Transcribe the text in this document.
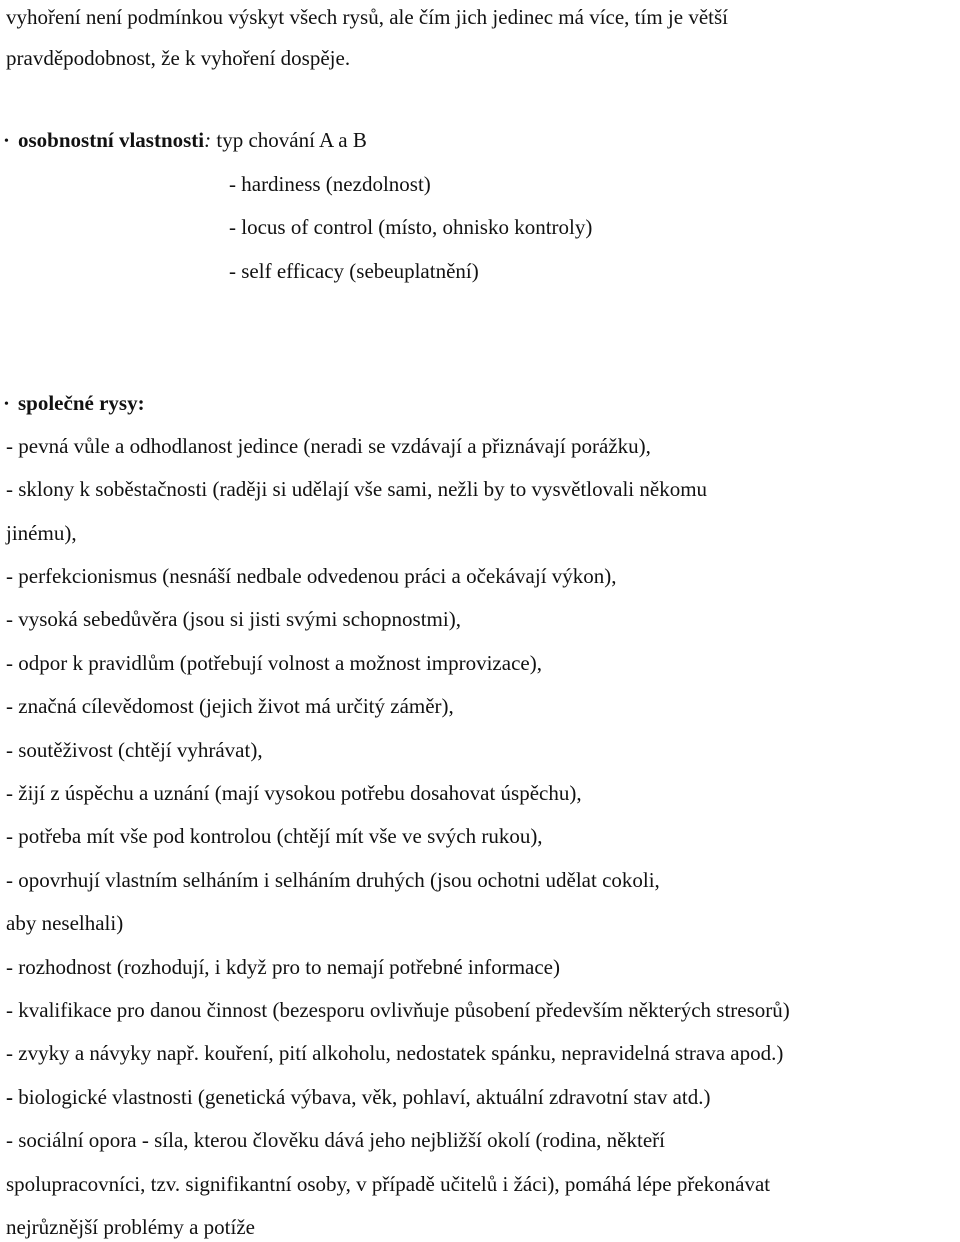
vyhoření není podmínkou výskyt všech rysů, ale čím jich jedinec má více, tím je větší
pravděpodobnost, že k vyhoření dospěje.
• osobnostní vlastnosti: typ chování A a B
- hardiness (nezdolnost)
- locus of control (místo, ohnisko kontroly)
- self efficacy (sebeuplatnění)
• společné rysy:
- pevná vůle a odhodlanost jedince (neradi se vzdávají a přiznávají porážku),
- sklony k soběstačnosti (raději si udělají vše sami, nežli by to vysvětlovali někomu
jinému),
- perfekcionismus (nesnáší nedbale odvedenou práci a očekávají výkon),
- vysoká sebedůvěra (jsou si jisti svými schopnostmi),
- odpor k pravidlům (potřebují volnost a možnost improvizace),
- značná cílevědomost (jejich život má určitý záměr),
- soutěživost (chtějí vyhrávat),
- žijí z úspěchu a uznání (mají vysokou potřebu dosahovat úspěchu),
- potřeba mít vše pod kontrolou (chtějí mít vše ve svých rukou),
- opovrhují vlastním selháním i selháním druhých (jsou ochotni udělat cokoli,
aby neselhali)
- rozhodnost (rozhodují, i když pro to nemají potřebné informace)
- kvalifikace pro danou činnost (bezesporu ovlivňuje působení především některých stresorů)
- zvyky a návyky např. kouření, pití alkoholu, nedostatek spánku, nepravidelná strava apod.)
- biologické vlastnosti (genetická výbava, věk, pohlaví, aktuální zdravotní stav atd.)
- sociální opora - síla, kterou člověku dává jeho nejbližší okolí (rodina, někteří
spolupracovníci, tzv. signifikantní osoby, v případě učitelů i žáci), pomáhá lépe překonávat
nejrůznější problémy a potíže
